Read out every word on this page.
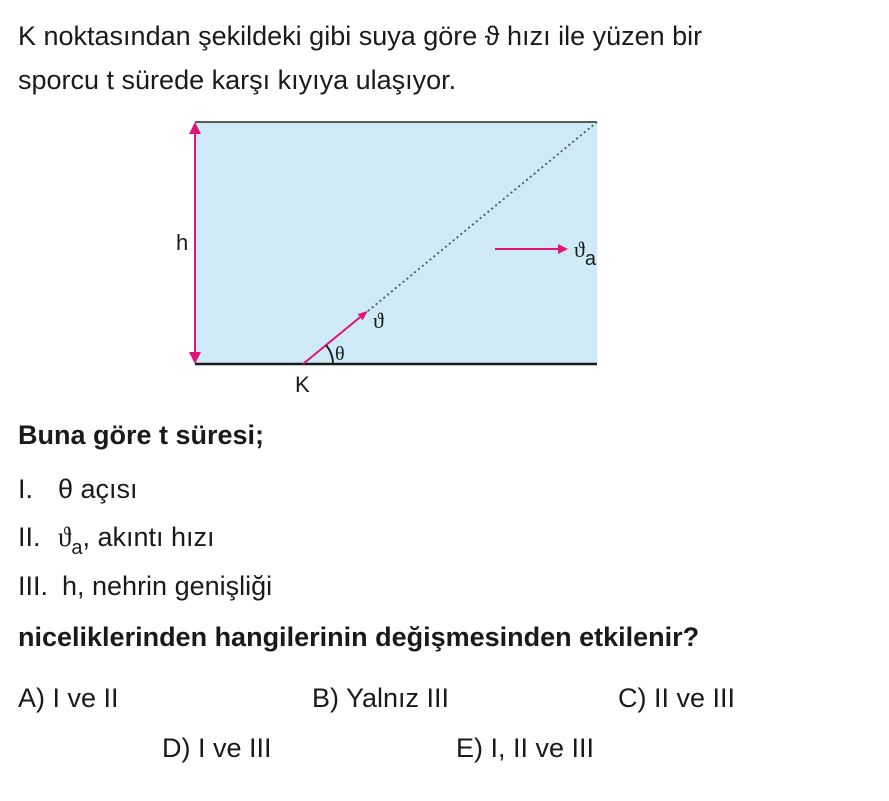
K noktasından şekildeki gibi suya göre ϑ hızı ile yüzen bir
sporcu t sürede karşı kıyıya ulaşıyor.
h
K
θ
ϑ
ϑa
Buna göre t süresi;
I. θ açısı
II. $ϑ_a$, akıntı hızı
III. h, nehrin genişliği
niceliklerinden hangilerinin değişmesinden etkilenir?
A) I ve II	B) Yalnız III	C) II ve III
D) I ve III	E) I, II ve III
